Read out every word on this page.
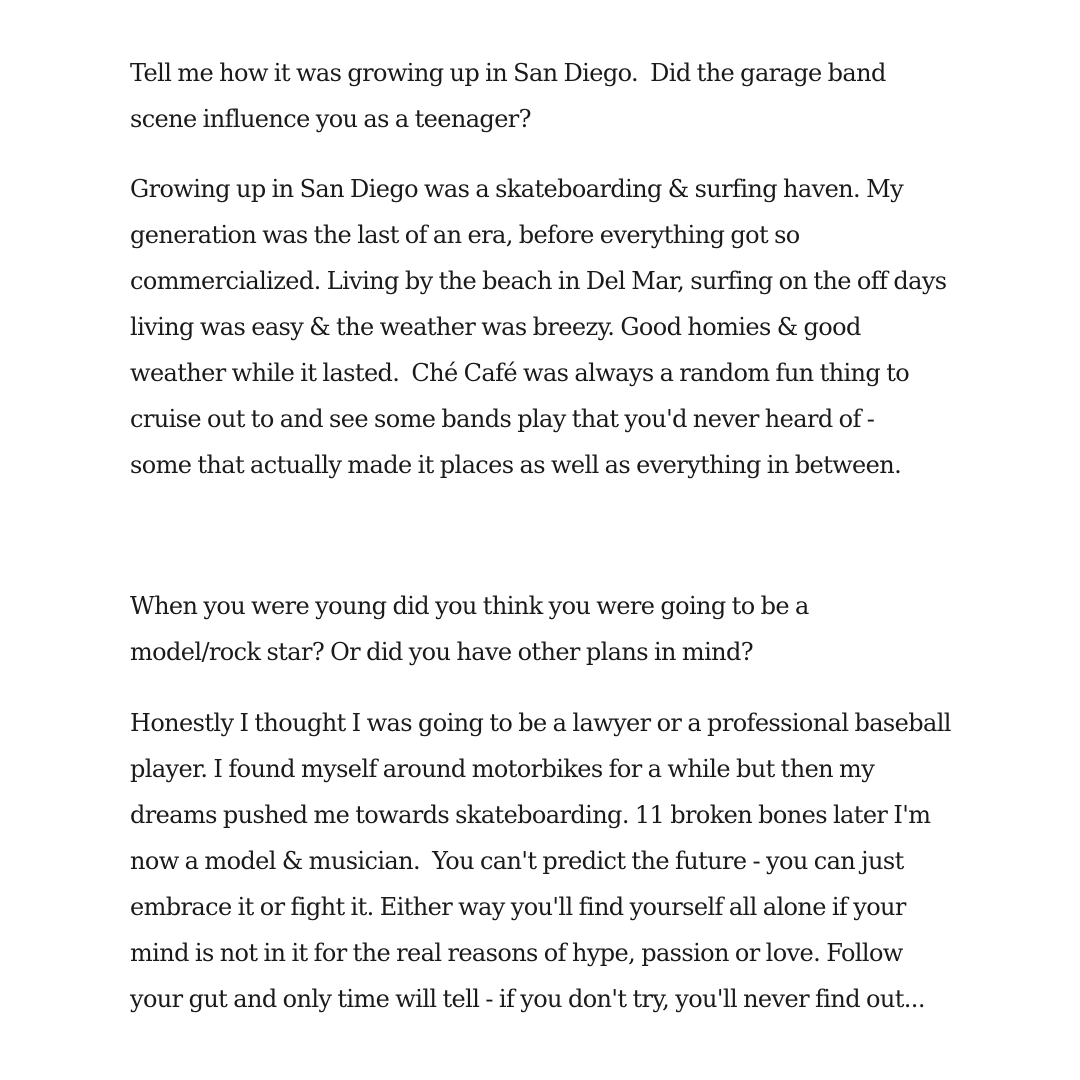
Tell me how it was growing up in San Diego.  Did the garage band
scene influence you as a teenager?
Growing up in San Diego was a skateboarding & surfing haven. My
generation was the last of an era, before everything got so
commercialized. Living by the beach in Del Mar, surfing on the off days
living was easy & the weather was breezy. Good homies & good
weather while it lasted.  Ché Café was always a random fun thing to
cruise out to and see some bands play that you'd never heard of -
some that actually made it places as well as everything in between.
When you were young did you think you were going to be a
model/rock star? Or did you have other plans in mind?
Honestly I thought I was going to be a lawyer or a professional baseball
player. I found myself around motorbikes for a while but then my
dreams pushed me towards skateboarding. 11 broken bones later I'm
now a model & musician.  You can't predict the future - you can just
embrace it or fight it. Either way you'll find yourself all alone if your
mind is not in it for the real reasons of hype, passion or love. Follow
your gut and only time will tell - if you don't try, you'll never find out...
